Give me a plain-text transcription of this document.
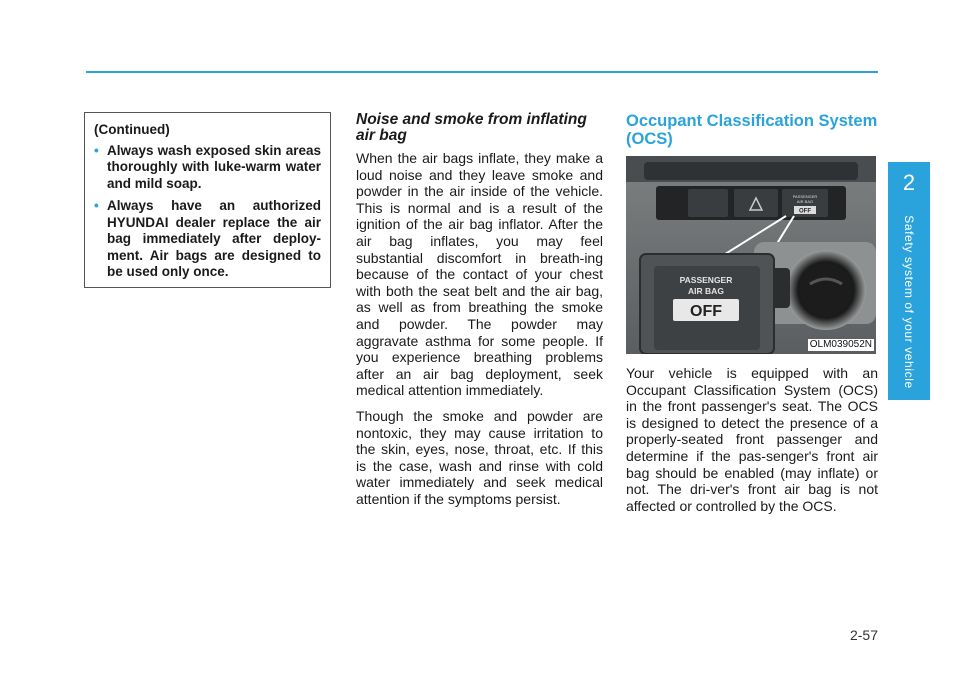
2
Safety system of your vehicle
(Continued)
• Always wash exposed skin areas thoroughly with luke-warm water and mild soap.
• Always have an authorized HYUNDAI dealer replace the air bag immediately after deploy-ment. Air bags are designed to be used only once.
Noise and smoke from inflating air bag

When the air bags inflate, they make a loud noise and they leave smoke and powder in the air inside of the vehicle. This is normal and is a result of the ignition of the air bag inflator. After the air bag inflates, you may feel substantial discomfort in breath-ing because of the contact of your chest with both the seat belt and the air bag, as well as from breathing the smoke and powder. The powder may aggravate asthma for some people. If you experience breathing problems after an air bag deployment, seek medical attention immediately.

Though the smoke and powder are nontoxic, they may cause irritation to the skin, eyes, nose, throat, etc. If this is the case, wash and rinse with cold water immediately and seek medical attention if the symptoms persist.

Occupant Classification System (OCS)
PASSENGER
AIR BAG
OFF
PASSENGER
AIR BAG
OFF
OLM039052N

Your vehicle is equipped with an Occupant Classification System (OCS) in the front passenger's seat. The OCS is designed to detect the presence of a properly-seated front passenger and determine if the pas-senger's front air bag should be enabled (may inflate) or not. The dri-ver's front air bag is not affected or controlled by the OCS.

2-57
